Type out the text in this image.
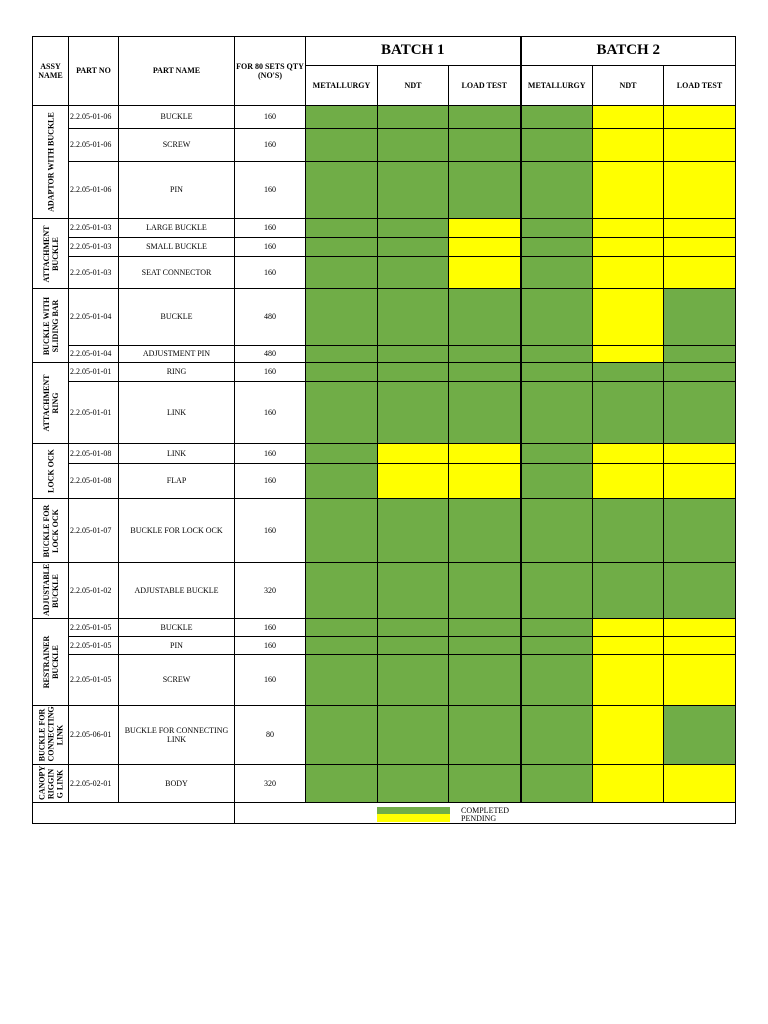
ASSY NAME	PART NO	PART NAME	FOR 80 SETS QTY (NO'S)	BATCH 1			BATCH 2		
				METALLURGY	NDT	LOAD TEST	METALLURGY	NDT	LOAD TEST

ADAPTOR WITH BUCKLE	2.2.05-01-06	BUCKLE	160						
	2.2.05-01-06	SCREW	160						
	2.2.05-01-06	PIN	160						

ATTACHMENT BUCKLE	2.2.05-01-03	LARGE BUCKLE	160						
	2.2.05-01-03	SMALL BUCKLE	160						
	2.2.05-01-03	SEAT CONNECTOR	160						

BUCKLE WITH SLIDING BAR	2.2.05-01-04	BUCKLE	480						
	2.2.05-01-04	ADJUSTMENT PIN	480						

ATTACHMENT RING	2.2.05-01-01	RING	160						
	2.2.05-01-01	LINK	160						

LOCK OCK	2.2.05-01-08	LINK	160						
	2.2.05-01-08	FLAP	160						

BUCKLE FOR LOCK OCK	2.2.05-01-07	BUCKLE FOR LOCK OCK	160						

ADJUSTABLE BUCKLE	2.2.05-01-02	ADJUSTABLE BUCKLE	320						

RESTRAINER BUCKLE	2.2.05-01-05	BUCKLE	160						
	2.2.05-01-05	PIN	160						
	2.2.05-01-05	SCREW	160						

BUCKLE FOR CONNECTING LINK	2.2.05-06-01	BUCKLE FOR CONNECTING LINK	80						

CANOPY RIGGIN G LINK	2.2.05-02-01	BODY	320						

			COMPLETED
PENDING						
